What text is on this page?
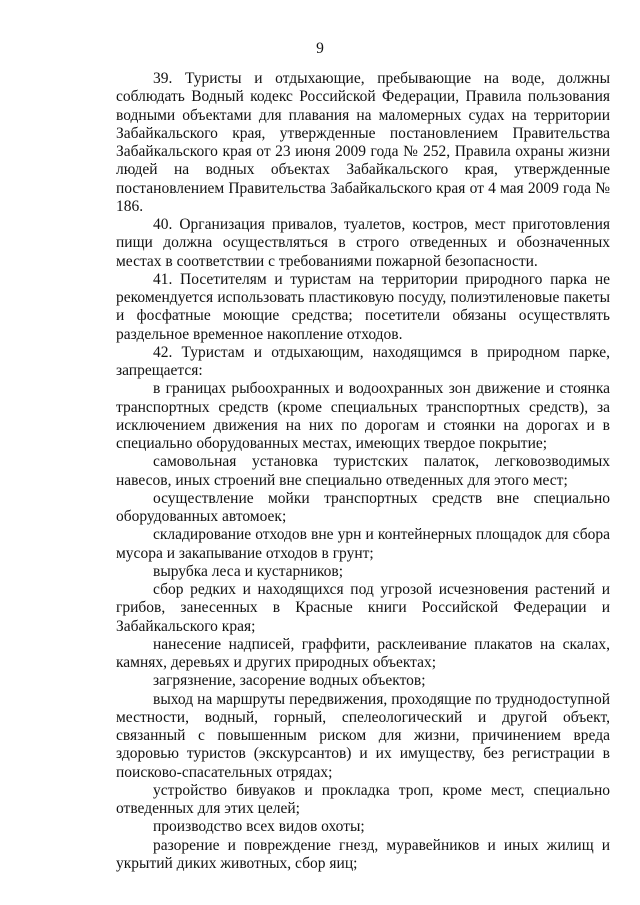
9

39. Туристы и отдыхающие, пребывающие на воде, должны соблюдать Водный кодекс Российской Федерации, Правила пользования водными объектами для плавания на маломерных судах на территории Забайкальского края, утвержденные постановлением Правительства Забайкальского края от 23 июня 2009 года № 252, Правила охраны жизни людей на водных объектах Забайкальского края, утвержденные постановлением Правительства Забайкальского края от 4 мая 2009 года № 186.

40. Организация привалов, туалетов, костров, мест приготовления пищи должна осуществляться в строго отведенных и обозначенных местах в соответствии с требованиями пожарной безопасности.

41. Посетителям и туристам на территории природного парка не рекомендуется использовать пластиковую посуду, полиэтиленовые пакеты и фосфатные моющие средства; посетители обязаны осуществлять раздельное временное накопление отходов.

42. Туристам и отдыхающим, находящимся в природном парке, запрещается:

в границах рыбоохранных и водоохранных зон движение и стоянка транспортных средств (кроме специальных транспортных средств), за исключением движения на них по дорогам и стоянки на дорогах и в специально оборудованных местах, имеющих твердое покрытие;

самовольная установка туристских палаток, легковозводимых навесов, иных строений вне специально отведенных для этого мест;

осуществление мойки транспортных средств вне специально оборудованных автомоек;

складирование отходов вне урн и контейнерных площадок для сбора мусора и закапывание отходов в грунт;

вырубка леса и кустарников;

сбор редких и находящихся под угрозой исчезновения растений и грибов, занесенных в Красные книги Российской Федерации и Забайкальского края;

нанесение надписей, граффити, расклеивание плакатов на скалах, камнях, деревьях и других природных объектах;

загрязнение, засорение водных объектов;

выход на маршруты передвижения, проходящие по труднодоступной местности, водный, горный, спелеологический и другой объект, связанный с повышенным риском для жизни, причинением вреда здоровью туристов (экскурсантов) и их имуществу, без регистрации в поисково-спасательных отрядах;

устройство бивуаков и прокладка троп, кроме мест, специально отведенных для этих целей;

производство всех видов охоты;

разорение и повреждение гнезд, муравейников и иных жилищ и укрытий диких животных, сбор яиц;
